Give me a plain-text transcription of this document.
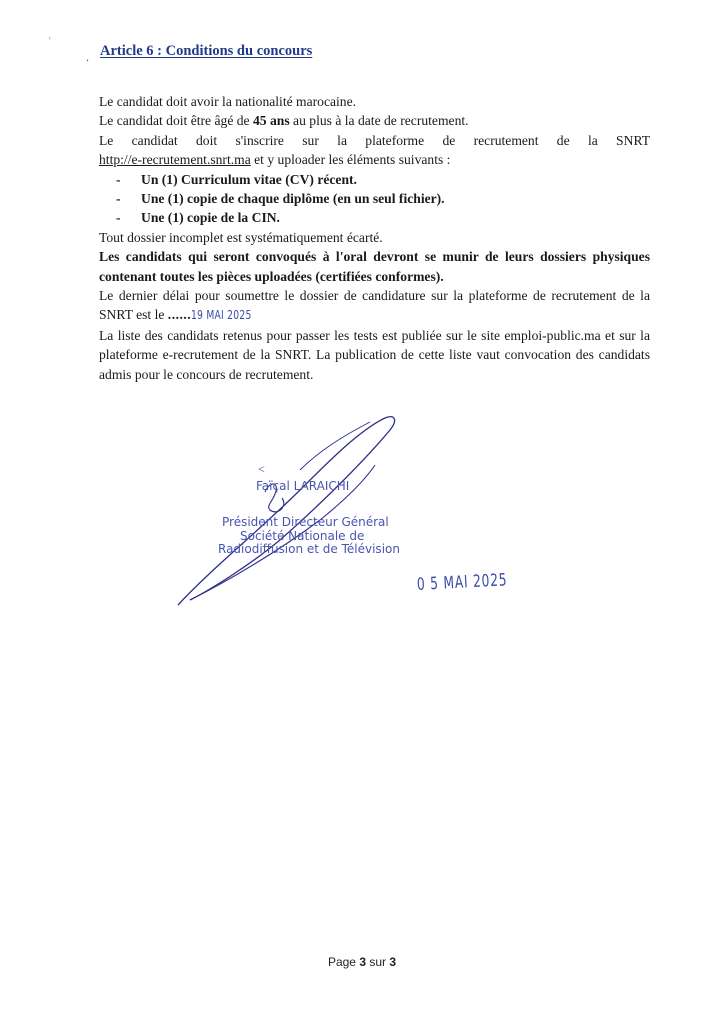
ʼ
. Article 6 : Conditions du concours

Le candidat doit avoir la nationalité marocaine.

Le candidat doit être âgé de 45 ans au plus à la date de recrutement.

Le candidat doit s'inscrire sur la plateforme de recrutement de la SNRT

http://e-recrutement.snrt.ma et y uploader les éléments suivants :

- Un (1) Curriculum vitae (CV) récent.
- Une (1) copie de chaque diplôme (en un seul fichier).
- Une (1) copie de la CIN.

Tout dossier incomplet est systématiquement écarté.

Les candidats qui seront convoqués à l'oral devront se munir de leurs dossiers physiques contenant toutes les pièces uploadées (certifiées conformes).

Le dernier délai pour soumettre le dossier de candidature sur la plateforme de recrutement de la SNRT est le ......19 MAI 2025

La liste des candidats retenus pour passer les tests est publiée sur le site emploi-public.ma et sur la plateforme e-recrutement de la SNRT. La publication de cette liste vaut convocation des candidats admis pour le concours de recrutement.

<
Faïçal LARAICHI
Président Directeur Général
Société Nationale de
Radiodiffusion et de Télévision
0 5 MAI 2025
Page 3 sur 3
